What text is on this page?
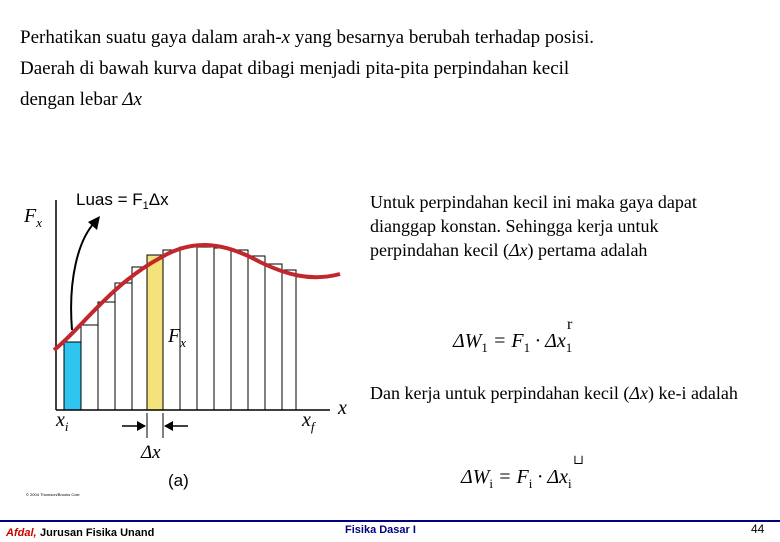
Perhatikan suatu gaya dalam arah-x yang besarnya berubah terhadap posisi.

Daerah di bawah kurva dapat dibagi menjadi pita-pita perpindahan kecil

dengan lebar Δx

Luas = $F_1\Delta x$
$F_x$
$F_x$
x
$x_i$	$x_f$
Δx
(a)
© 2004 Thomson/Brooks Cole
Untuk perpindahan kecil ini maka gaya dapat dianggap konstan. Sehingga kerja untuk perpindahan kecil (Δx) pertama adalah
$\Delta W_1 = F_1 \cdot \Delta x_1$
r
Dan kerja untuk perpindahan kecil (Δx) ke-i adalah
$\Delta W_i = F_i \cdot \Delta x_i$
⊔
Afdal, Jurusan Fisika Unand	Fisika Dasar I	44
